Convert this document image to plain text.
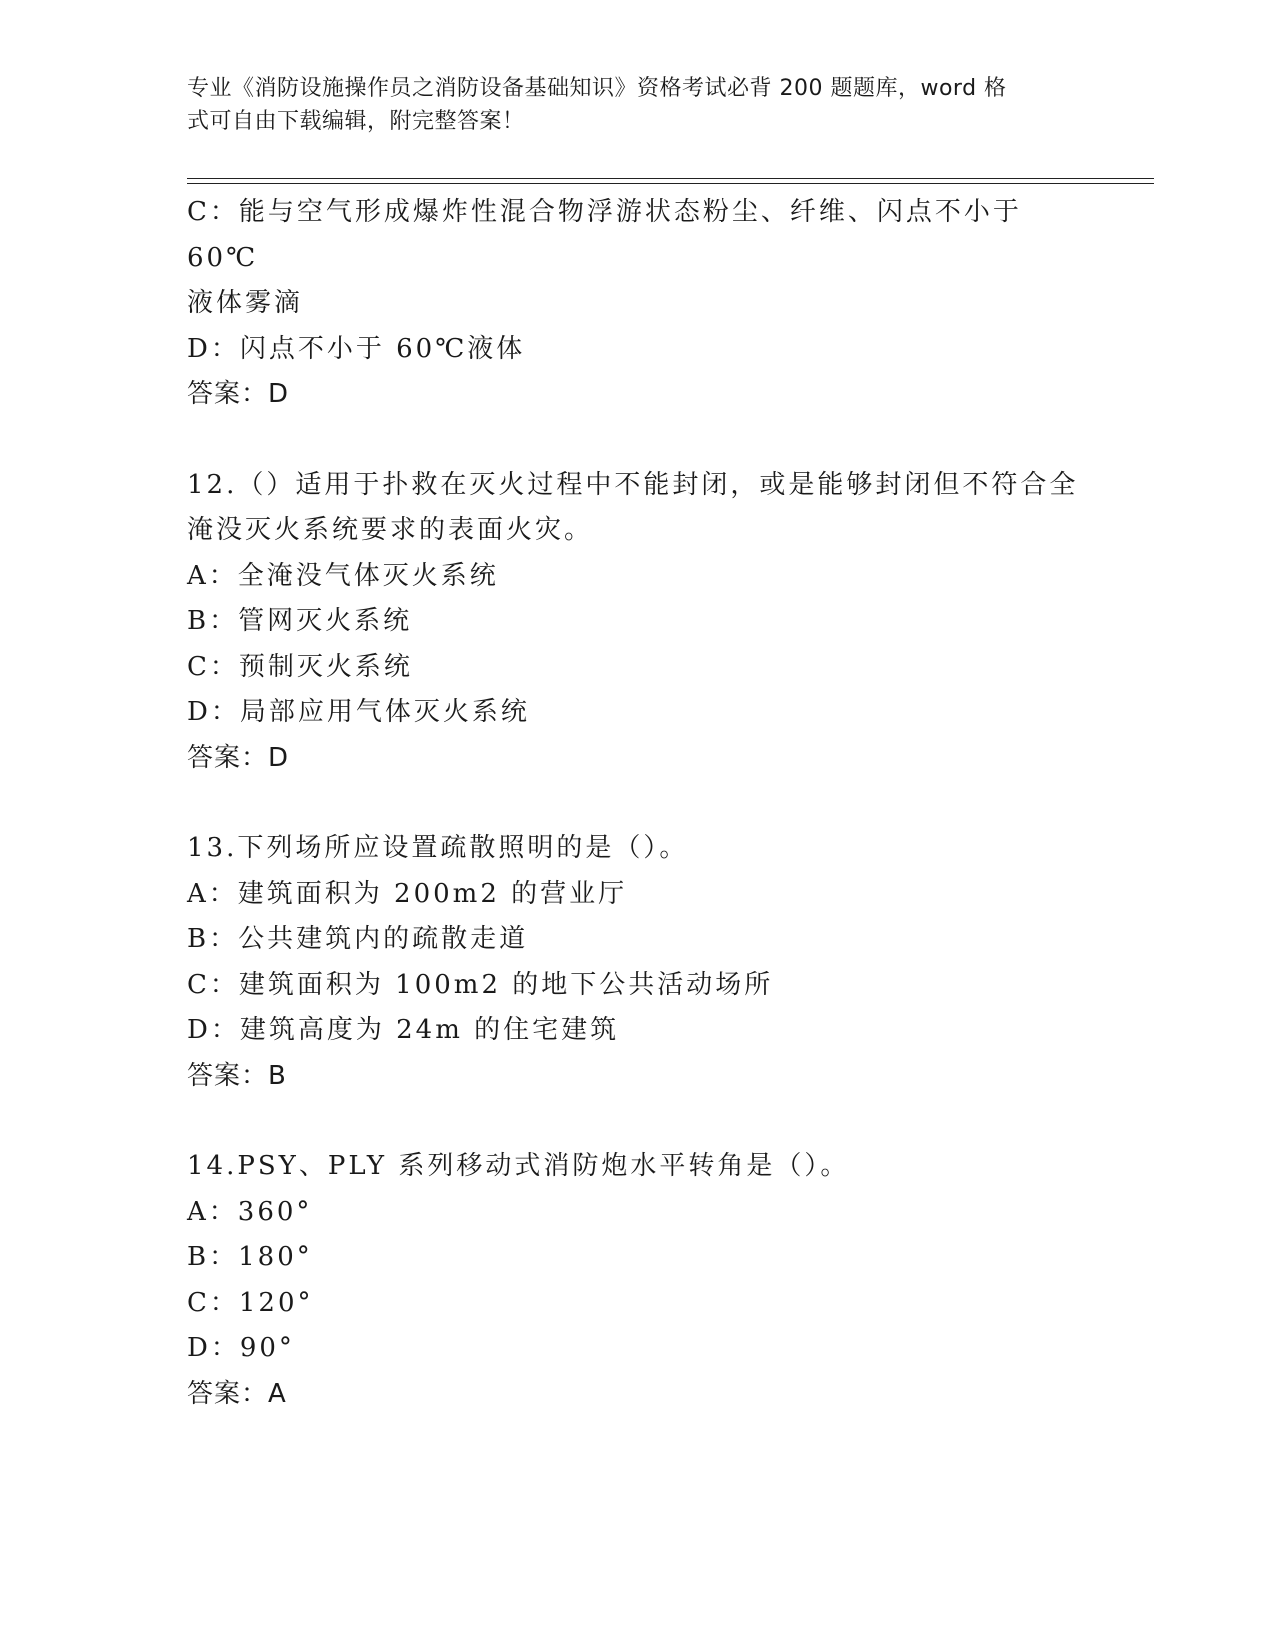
专业《消防设施操作员之消防设备基础知识》资格考试必背 200 题题库，word 格
式可自由下载编辑，附完整答案！

C：能与空气形成爆炸性混合物浮游状态粉尘、纤维、闪点不小于 60℃

液体雾滴

D：闪点不小于 60℃液体

答案：D

12.（）适用于扑救在灭火过程中不能封闭，或是能够封闭但不符合全

淹没灭火系统要求的表面火灾。

A：全淹没气体灭火系统

B：管网灭火系统

C：预制灭火系统

D：局部应用气体灭火系统

答案：D

13.下列场所应设置疏散照明的是（）。

A：建筑面积为 200m2 的营业厅

B：公共建筑内的疏散走道

C：建筑面积为 100m2 的地下公共活动场所

D：建筑高度为 24m 的住宅建筑

答案：B

14.PSY、PLY 系列移动式消防炮水平转角是（）。

A：360°

B：180°

C：120°

D：90°

答案：A
